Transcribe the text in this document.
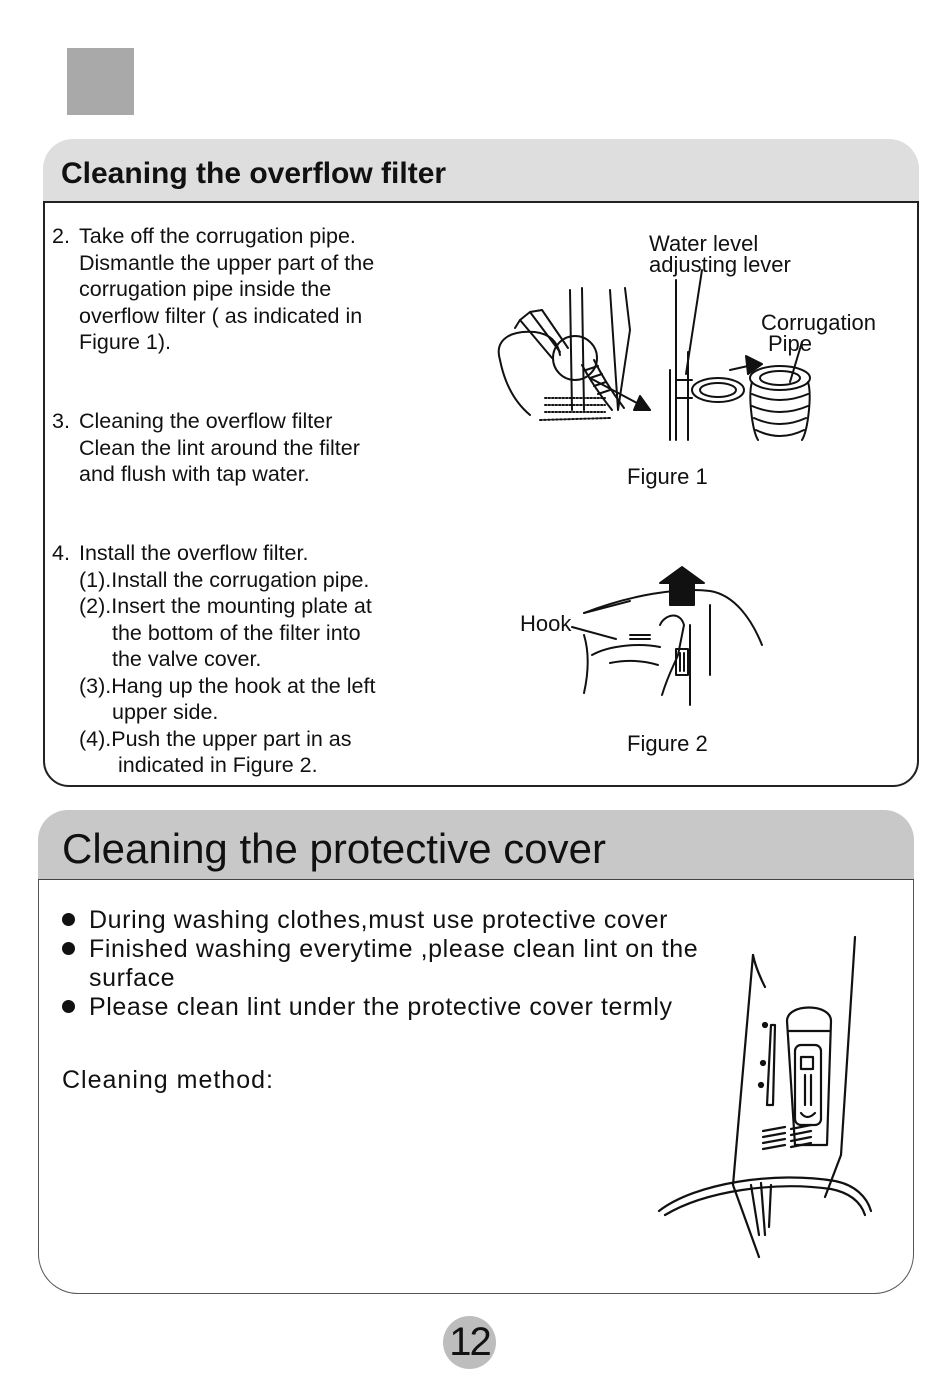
Cleaning the overflow filter
2. Take off the corrugation pipe.
Dismantle the upper part of the
corrugation pipe inside the
overflow filter ( as indicated in
Figure 1).
3. Cleaning the overflow filter
Clean the lint around the filter
and flush with tap water.
4. Install the overflow filter.
(1).Install the corrugation pipe.
(2).Insert the mounting plate at
the bottom of the filter into
the valve cover.
(3).Hang up the hook at the left
upper side.
(4).Push the upper part in as
indicated in Figure 2.
Water level
adjusting lever
Corrugation
Pipe
Figure 1
Hook
Figure 2
Cleaning the protective cover
During washing clothes,must use protective cover
Finished washing everytime ,please clean lint on the
surface
Please clean lint under the protective cover termly
Cleaning method:
12
